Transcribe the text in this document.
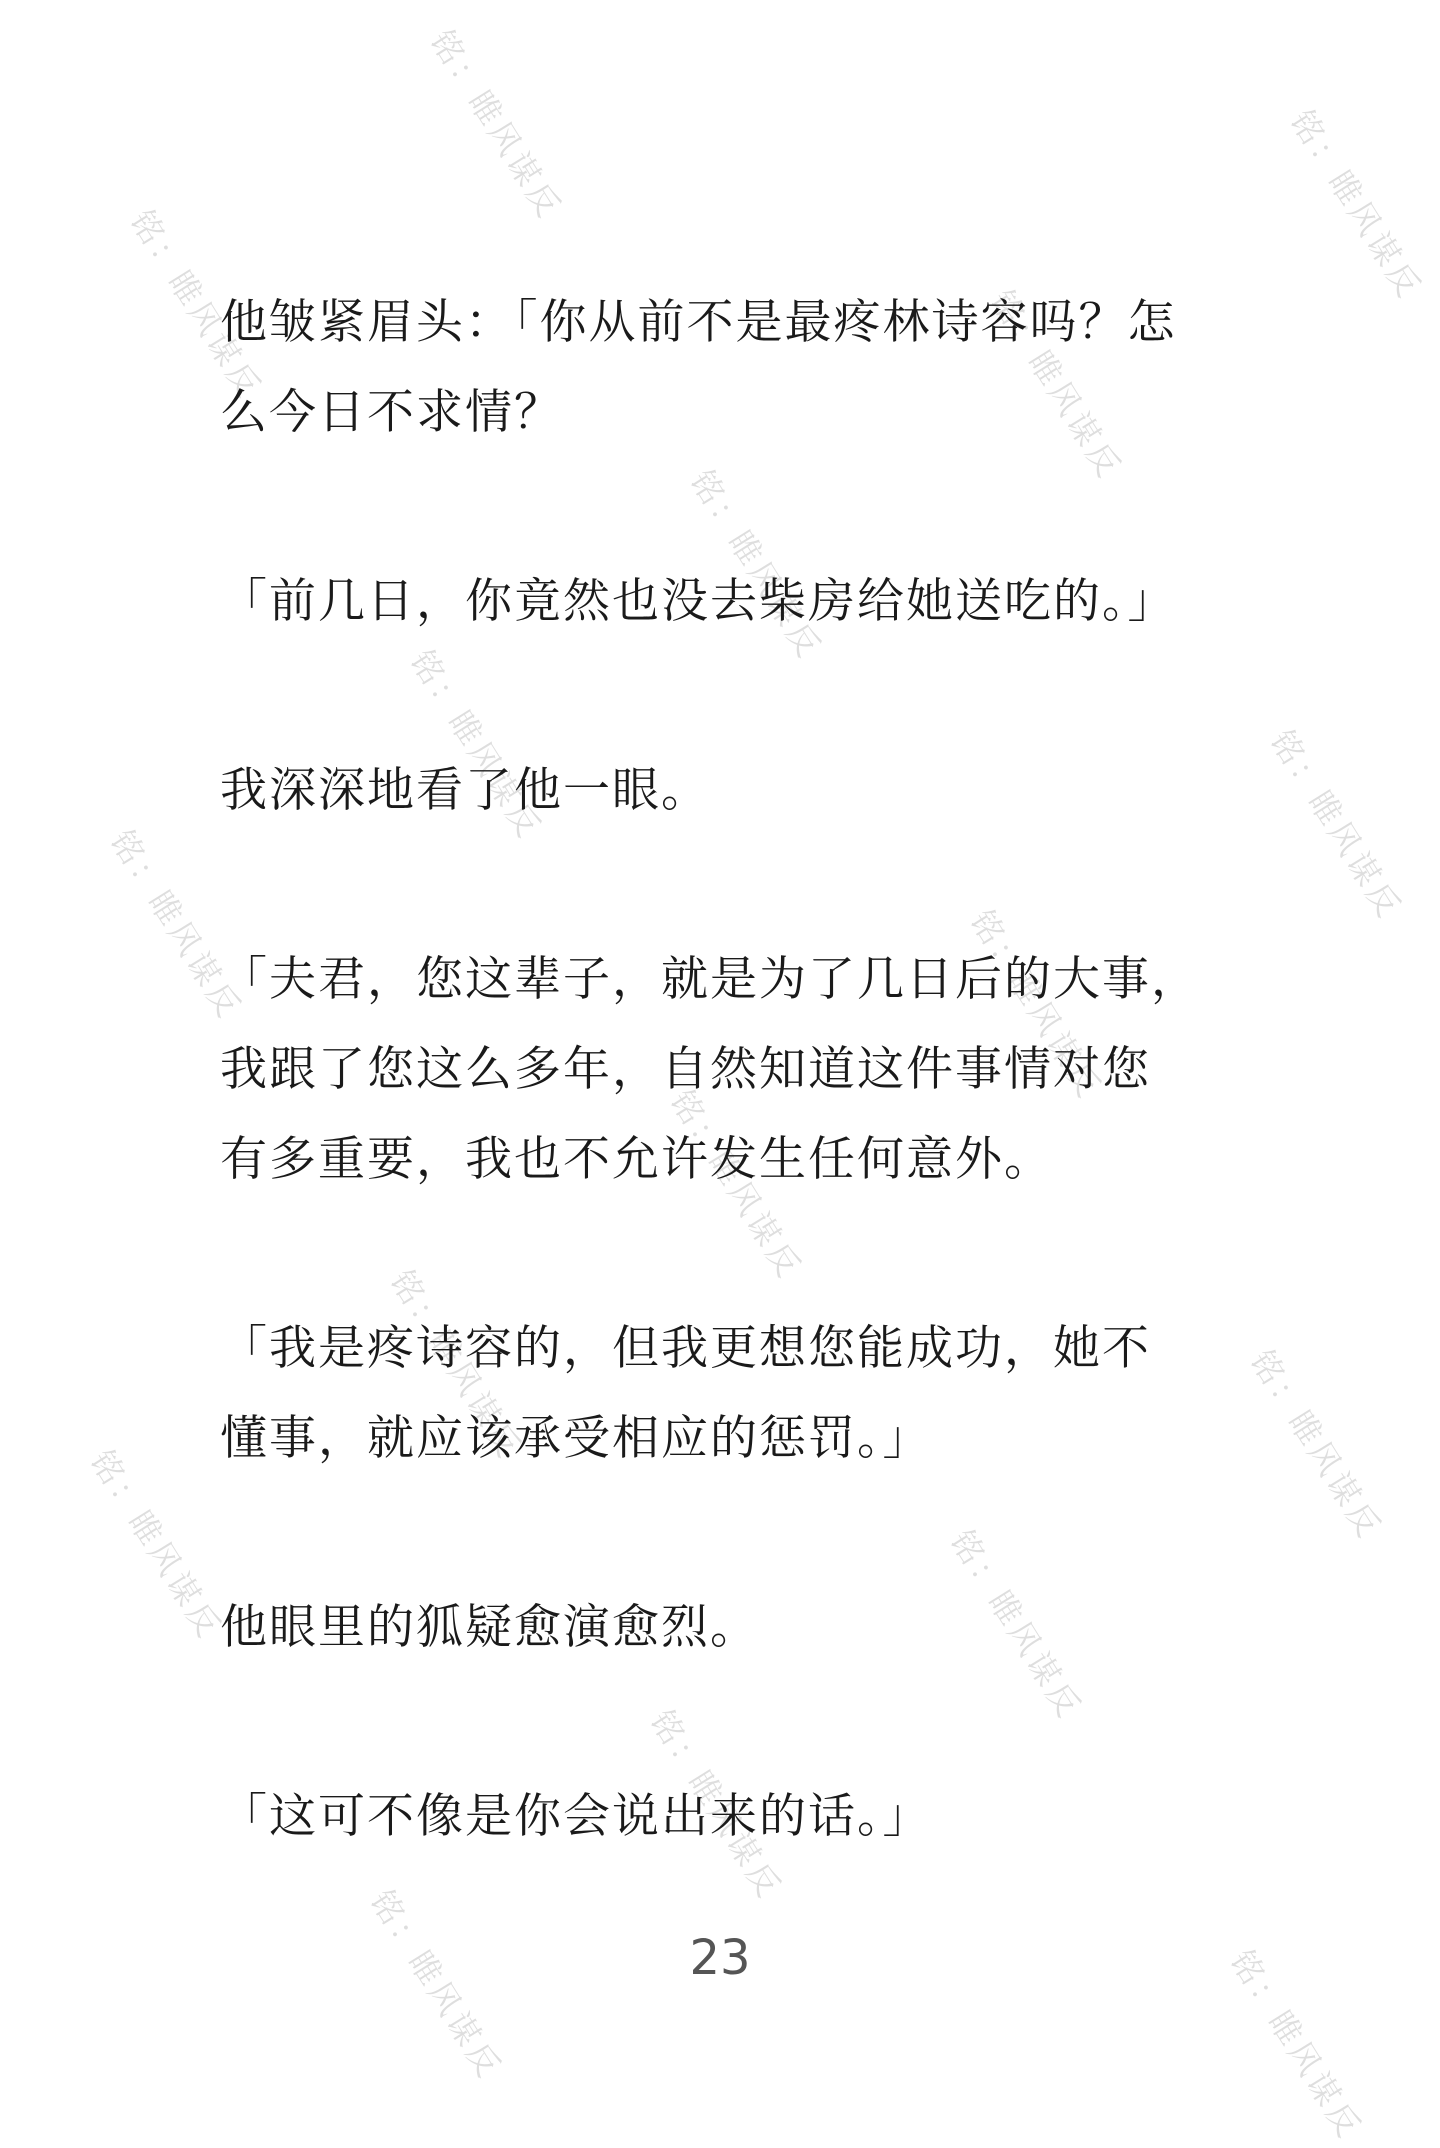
铭：睢风谋反
铭：睢风谋反	铭：睢风谋反
铭：睢风谋反
铭：睢风谋反
铭：睢风谋反	铭：睢风谋反
铭：睢风谋反	铭：睢风谋反
铭：睢风谋反
铭：睢风谋反	铭：睢风谋反
铭：睢风谋反	铭：睢风谋反
铭：睢风谋反
铭：睢风谋反	铭：睢风谋反

他皱紧眉头：「你从前不是最疼林诗容吗？怎
么今日不求情？

「前几日，你竟然也没去柴房给她送吃的。」

我深深地看了他一眼。

「夫君，您这辈子，就是为了几日后的大事，
我跟了您这么多年，自然知道这件事情对您
有多重要，我也不允许发生任何意外。

「我是疼诗容的，但我更想您能成功，她不
懂事，就应该承受相应的惩罚。」

他眼里的狐疑愈演愈烈。

「这可不像是你会说出来的话。」

23
